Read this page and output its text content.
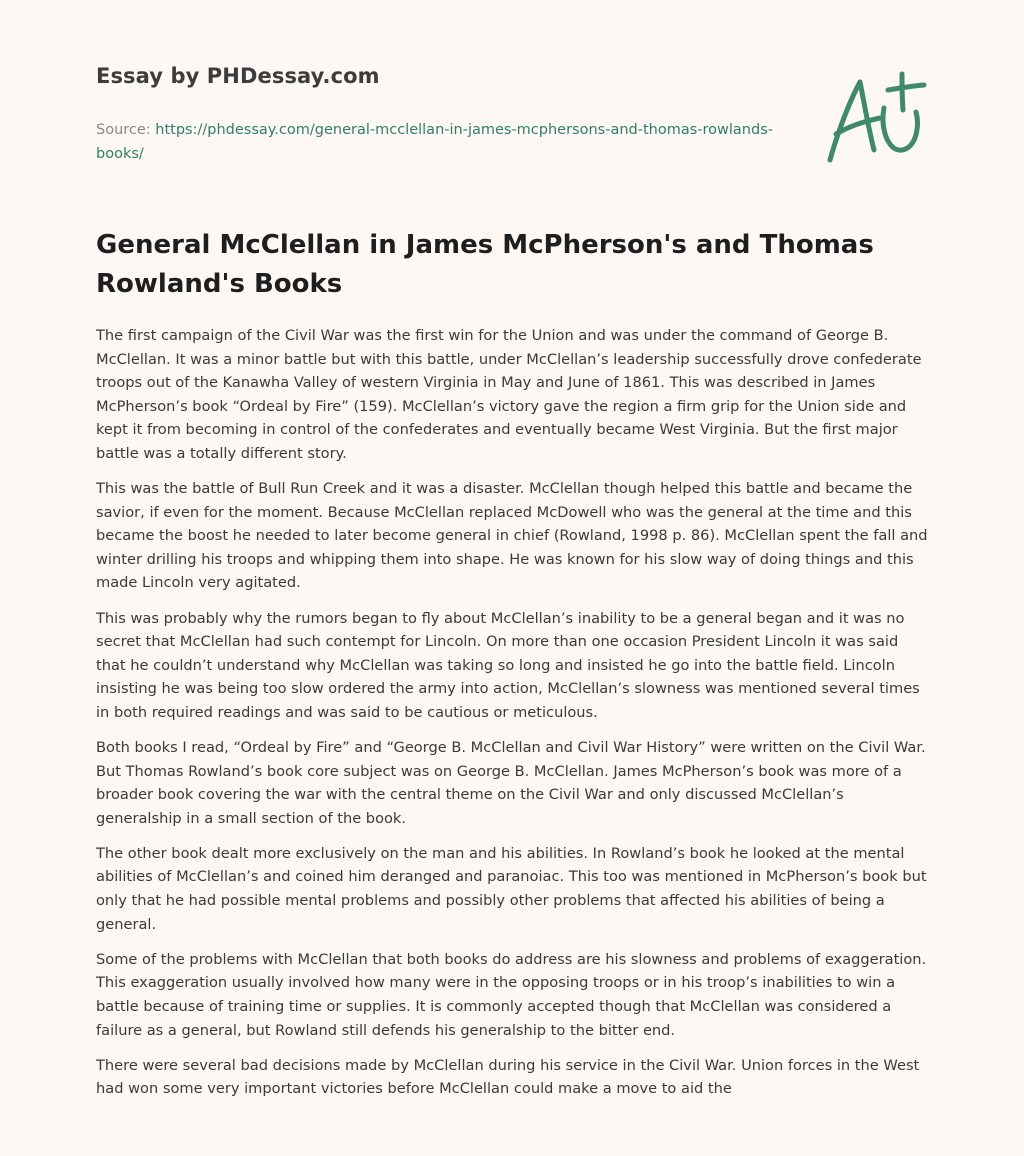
Essay by PHDessay.com
Source: https://phdessay.com/general-mcclellan-in-james-mcphersons-and-thomas-rowlands-books/
General McClellan in James McPherson's and Thomas Rowland's Books

The first campaign of the Civil War was the first win for the Union and was under the command of George B. McClellan. It was a minor battle but with this battle, under McClellan’s leadership successfully drove confederate troops out of the Kanawha Valley of western Virginia in May and June of 1861. This was described in James McPherson’s book “Ordeal by Fire” (159). McClellan’s victory gave the region a firm grip for the Union side and kept it from becoming in control of the confederates and eventually became West Virginia. But the first major battle was a totally different story.

This was the battle of Bull Run Creek and it was a disaster. McClellan though helped this battle and became the savior, if even for the moment. Because McClellan replaced McDowell who was the general at the time and this became the boost he needed to later become general in chief (Rowland, 1998 p. 86). McClellan spent the fall and winter drilling his troops and whipping them into shape. He was known for his slow way of doing things and this made Lincoln very agitated.

This was probably why the rumors began to fly about McClellan’s inability to be a general began and it was no secret that McClellan had such contempt for Lincoln. On more than one occasion President Lincoln it was said that he couldn’t understand why McClellan was taking so long and insisted he go into the battle field. Lincoln insisting he was being too slow ordered the army into action, McClellan’s slowness was mentioned several times in both required readings and was said to be cautious or meticulous.

Both books I read, “Ordeal by Fire” and “George B. McClellan and Civil War History” were written on the Civil War. But Thomas Rowland’s book core subject was on George B. McClellan. James McPherson’s book was more of a broader book covering the war with the central theme on the Civil War and only discussed McClellan’s generalship in a small section of the book.

The other book dealt more exclusively on the man and his abilities. In Rowland’s book he looked at the mental abilities of McClellan’s and coined him deranged and paranoiac. This too was mentioned in McPherson’s book but only that he had possible mental problems and possibly other problems that affected his abilities of being a general.

Some of the problems with McClellan that both books do address are his slowness and problems of exaggeration. This exaggeration usually involved how many were in the opposing troops or in his troop’s inabilities to win a battle because of training time or supplies. It is commonly accepted though that McClellan was considered a failure as a general, but Rowland still defends his generalship to the bitter end.

There were several bad decisions made by McClellan during his service in the Civil War. Union forces in the West had won some very important victories before McClellan could make a move to aid the
